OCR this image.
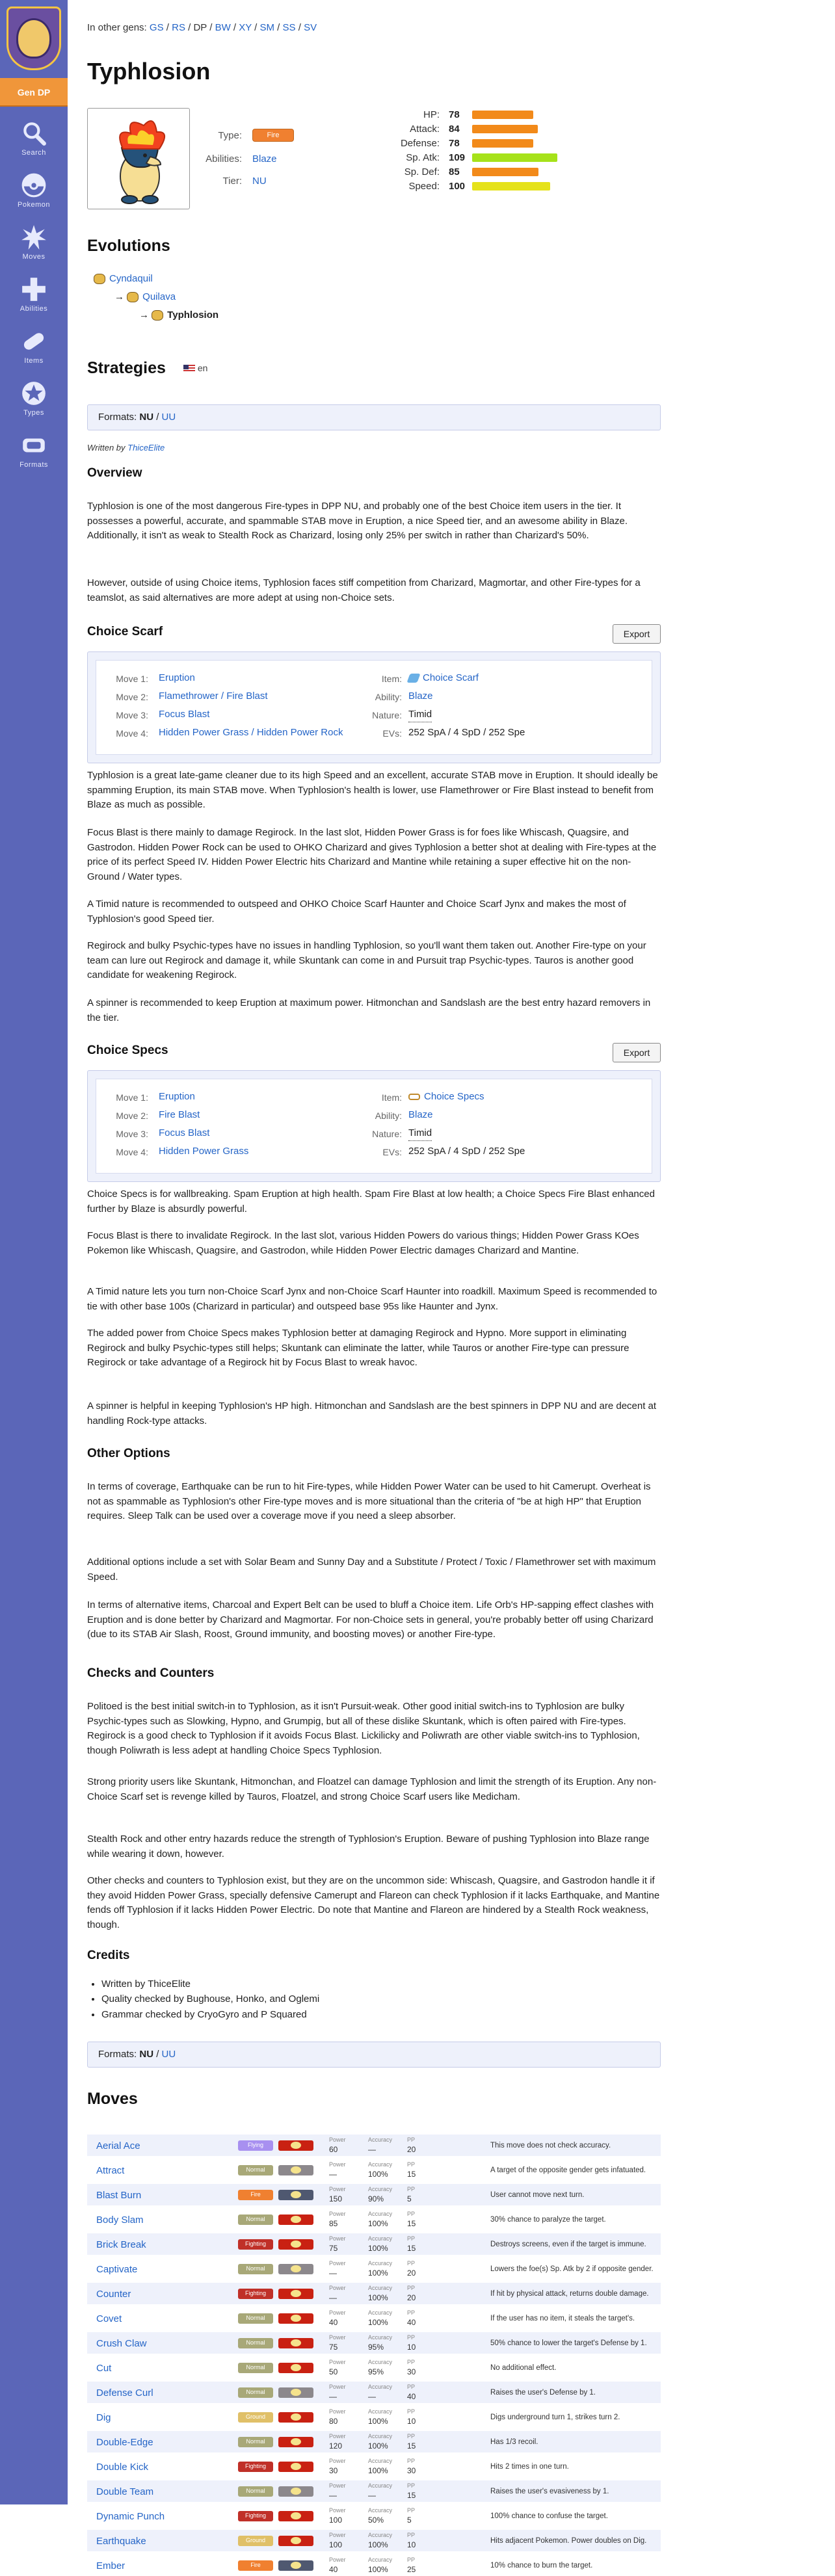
Gen DP
Search
Pokemon
Moves
Abilities
Items
Types
Formats
In other gens: GS / RS / DP / BW / XY / SM / SS / SV
Typhlosion
Type:	Fire
Abilities: Blaze
Tier: NU
HP: 78
Attack: 84
Defense: 78
Sp. Atk: 109
Sp. Def: 85
Speed: 100
Evolutions
Cyndaquil
→ Quilava
→ Typhlosion
Strategies	en
Formats: NU / UU
Written by ThiceElite
Overview

Typhlosion is one of the most dangerous Fire-types in DPP NU, and probably one of the best Choice item users in the tier. It possesses a powerful, accurate, and spammable STAB move in Eruption, a nice Speed tier, and an awesome ability in Blaze. Additionally, it isn't as weak to Stealth Rock as Charizard, losing only 25% per switch in rather than Charizard's 50%.

However, outside of using Choice items, Typhlosion faces stiff competition from Charizard, Magmortar, and other Fire-types for a teamslot, as said alternatives are more adept at using non-Choice sets.

Choice Scarf	Export
Move 1: Eruption
Move 2: Flamethrower / Fire Blast
Move 3: Focus Blast
Move 4: Hidden Power Grass / Hidden Power Rock
Item:	Choice Scarf
Ability: Blaze
Nature: Timid
EVs: 252 SpA / 4 SpD / 252 Spe

Typhlosion is a great late-game cleaner due to its high Speed and an excellent, accurate STAB move in Eruption. It should ideally be spamming Eruption, its main STAB move. When Typhlosion's health is lower, use Flamethrower or Fire Blast instead to benefit from Blaze as much as possible.

Focus Blast is there mainly to damage Regirock. In the last slot, Hidden Power Grass is for foes like Whiscash, Quagsire, and Gastrodon. Hidden Power Rock can be used to OHKO Charizard and gives Typhlosion a better shot at dealing with Fire-types at the price of its perfect Speed IV. Hidden Power Electric hits Charizard and Mantine while retaining a super effective hit on the non-Ground / Water types.

A Timid nature is recommended to outspeed and OHKO Choice Scarf Haunter and Choice Scarf Jynx and makes the most of Typhlosion's good Speed tier.

Regirock and bulky Psychic-types have no issues in handling Typhlosion, so you'll want them taken out. Another Fire-type on your team can lure out Regirock and damage it, while Skuntank can come in and Pursuit trap Psychic-types. Tauros is another good candidate for weakening Regirock.

A spinner is recommended to keep Eruption at maximum power. Hitmonchan and Sandslash are the best entry hazard removers in the tier.

Choice Specs	Export
Move 1: Eruption
Move 2: Fire Blast
Move 3: Focus Blast
Move 4: Hidden Power Grass
Item:	Choice Specs
Ability: Blaze
Nature: Timid
EVs: 252 SpA / 4 SpD / 252 Spe

Choice Specs is for wallbreaking. Spam Eruption at high health. Spam Fire Blast at low health; a Choice Specs Fire Blast enhanced further by Blaze is absurdly powerful.

Focus Blast is there to invalidate Regirock. In the last slot, various Hidden Powers do various things; Hidden Power Grass KOes Pokemon like Whiscash, Quagsire, and Gastrodon, while Hidden Power Electric damages Charizard and Mantine.

A Timid nature lets you turn non-Choice Scarf Jynx and non-Choice Scarf Haunter into roadkill. Maximum Speed is recommended to tie with other base 100s (Charizard in particular) and outspeed base 95s like Haunter and Jynx.

The added power from Choice Specs makes Typhlosion better at damaging Regirock and Hypno. More support in eliminating Regirock and bulky Psychic-types still helps; Skuntank can eliminate the latter, while Tauros or another Fire-type can pressure Regirock or take advantage of a Regirock hit by Focus Blast to wreak havoc.

A spinner is helpful in keeping Typhlosion's HP high. Hitmonchan and Sandslash are the best spinners in DPP NU and are decent at handling Rock-type attacks.

Other Options

In terms of coverage, Earthquake can be run to hit Fire-types, while Hidden Power Water can be used to hit Camerupt. Overheat is not as spammable as Typhlosion's other Fire-type moves and is more situational than the criteria of "be at high HP" that Eruption requires. Sleep Talk can be used over a coverage move if you need a sleep absorber.

Additional options include a set with Solar Beam and Sunny Day and a Substitute / Protect / Toxic / Flamethrower set with maximum Speed.

In terms of alternative items, Charcoal and Expert Belt can be used to bluff a Choice item. Life Orb's HP-sapping effect clashes with Eruption and is done better by Charizard and Magmortar. For non-Choice sets in general, you're probably better off using Charizard (due to its STAB Air Slash, Roost, Ground immunity, and boosting moves) or another Fire-type.

Checks and Counters

Politoed is the best initial switch-in to Typhlosion, as it isn't Pursuit-weak. Other good initial switch-ins to Typhlosion are bulky Psychic-types such as Slowking, Hypno, and Grumpig, but all of these dislike Skuntank, which is often paired with Fire-types. Regirock is a good check to Typhlosion if it avoids Focus Blast. Lickilicky and Poliwrath are other viable switch-ins to Typhlosion, though Poliwrath is less adept at handling Choice Specs Typhlosion.

Strong priority users like Skuntank, Hitmonchan, and Floatzel can damage Typhlosion and limit the strength of its Eruption. Any non-Choice Scarf set is revenge killed by Tauros, Floatzel, and strong Choice Scarf users like Medicham.

Stealth Rock and other entry hazards reduce the strength of Typhlosion's Eruption. Beware of pushing Typhlosion into Blaze range while wearing it down, however.

Other checks and counters to Typhlosion exist, but they are on the uncommon side: Whiscash, Quagsire, and Gastrodon handle it if they avoid Hidden Power Grass, specially defensive Camerupt and Flareon can check Typhlosion if it lacks Earthquake, and Mantine fends off Typhlosion if it lacks Hidden Power Electric. Do note that Mantine and Flareon are hindered by a Stealth Rock weakness, though.

Credits
• Written by ThiceElite
• Quality checked by Bughouse, Honko, and Oglemi
• Grammar checked by CryoGyro and P Squared
Formats: NU / UU
Moves
Aerial Ace	Flying
Power
60
Accuracy
—
PP
20	This move does not check accuracy.
Attract	Normal
Power
—
Accuracy
100%
PP
15	A target of the opposite gender gets infatuated.
Blast Burn	Fire
Power
150
Accuracy
90%
PP
5	User cannot move next turn.
Body Slam	Normal
Power
85
Accuracy
100%
PP
15	30% chance to paralyze the target.
Brick Break	Fighting
Power
75
Accuracy
100%
PP
15	Destroys screens, even if the target is immune.
Captivate	Normal
Power
—
Accuracy
100%
PP
20	Lowers the foe(s) Sp. Atk by 2 if opposite gender.
Counter	Fighting
Power
—
Accuracy
100%
PP
20	If hit by physical attack, returns double damage.
Covet	Normal
Power
40
Accuracy
100%
PP
40	If the user has no item, it steals the target's.
Crush Claw	Normal
Power
75
Accuracy
95%
PP
10	50% chance to lower the target's Defense by 1.
Cut	Normal
Power
50
Accuracy
95%
PP
30	No additional effect.
Defense Curl	Normal
Power
—
Accuracy
—
PP
40	Raises the user's Defense by 1.
Dig	Ground
Power
80
Accuracy
100%
PP
10	Digs underground turn 1, strikes turn 2.
Double-Edge	Normal
Power
120
Accuracy
100%
PP
15	Has 1/3 recoil.
Double Kick	Fighting
Power
30
Accuracy
100%
PP
30	Hits 2 times in one turn.
Double Team	Normal
Power
—
Accuracy
—
PP
15	Raises the user's evasiveness by 1.
Dynamic Punch	Fighting
Power
100
Accuracy
50%
PP
5	100% chance to confuse the target.
Earthquake	Ground
Power
100
Accuracy
100%
PP
10	Hits adjacent Pokemon. Power doubles on Dig.
Ember	Fire
Power
40
Accuracy
100%
PP
25	10% chance to burn the target.
